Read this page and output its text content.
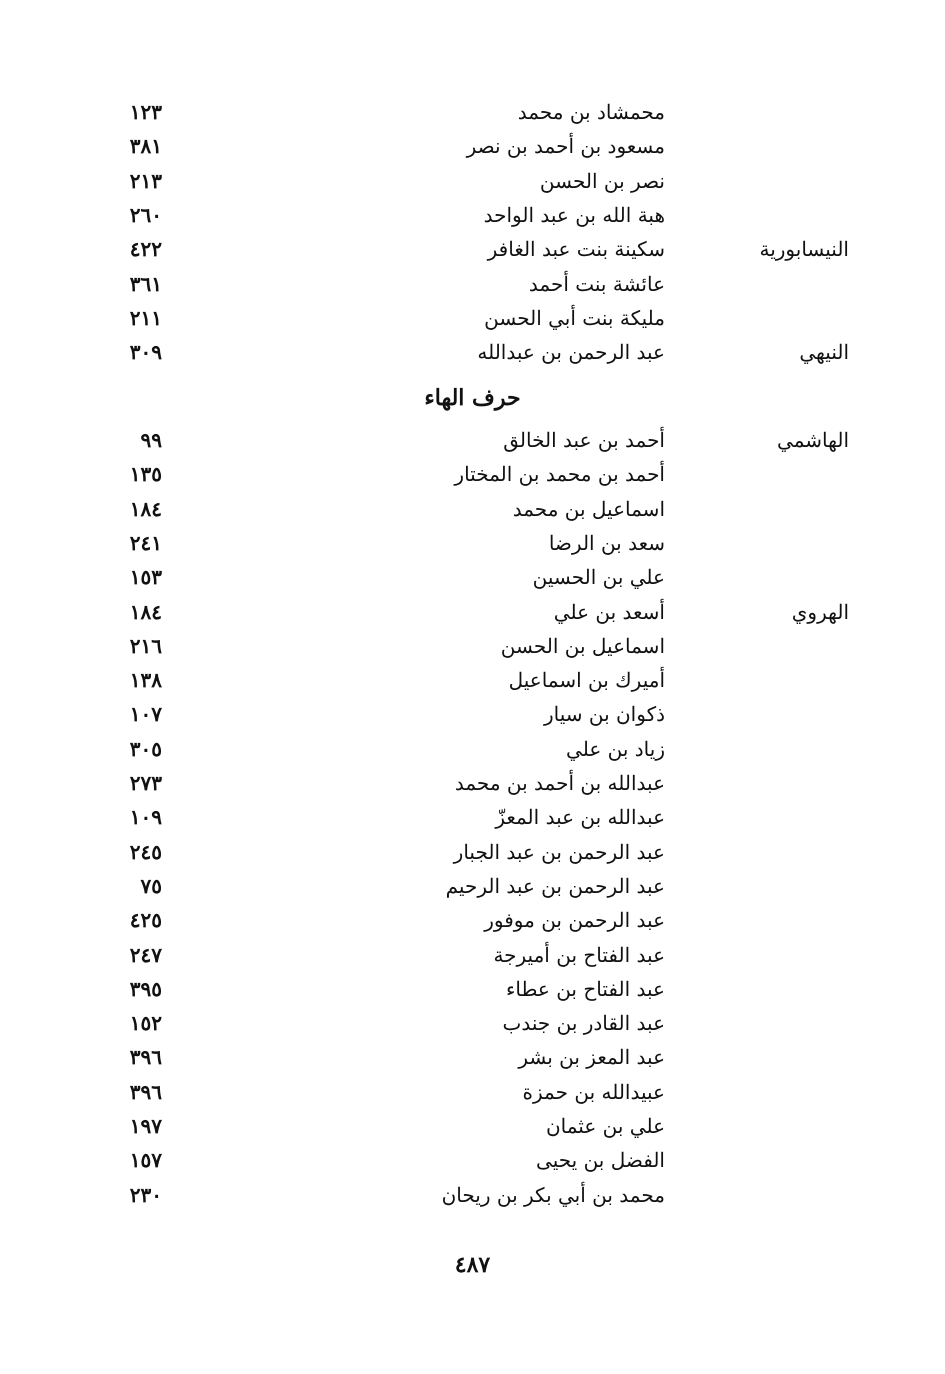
محمشاد بن محمد
١٢٣
مسعود بن أحمد بن نصر
٣٨١
نصر بن الحسن
٢١٣
هبة الله بن عبد الواحد
٢٦٠
النيسابورية
سكينة بنت عبد الغافر
٤٢٢
عائشة بنت أحمد
٣٦١
مليكة بنت أبي الحسن
٢١١
النيهي
عبد الرحمن بن عبدالله
٣٠٩
حرف الهاء
الهاشمي
أحمد بن عبد الخالق
٩٩
أحمد بن محمد بن المختار
١٣٥
اسماعيل بن محمد
١٨٤
سعد بن الرضا
٢٤١
علي بن الحسين
١٥٣
الهروي
أسعد بن علي
١٨٤
اسماعيل بن الحسن
٢١٦
أميرك بن اسماعيل
١٣٨
ذكوان بن سيار
١٠٧
زياد بن علي
٣٠٥
عبدالله بن أحمد بن محمد
٢٧٣
عبدالله بن عبد المعزّ
١٠٩
عبد الرحمن بن عبد الجبار
٢٤٥
عبد الرحمن بن عبد الرحيم
٧٥
عبد الرحمن بن موفور
٤٢٥
عبد الفتاح بن أميرجة
٢٤٧
عبد الفتاح بن عطاء
٣٩٥
عبد القادر بن جندب
١٥٢
عبد المعز بن بشر
٣٩٦
عبيدالله بن حمزة
٣٩٦
علي بن عثمان
١٩٧
الفضل بن يحيى
١٥٧
محمد بن أبي بكر بن ريحان
٢٣٠
٤٨٧
